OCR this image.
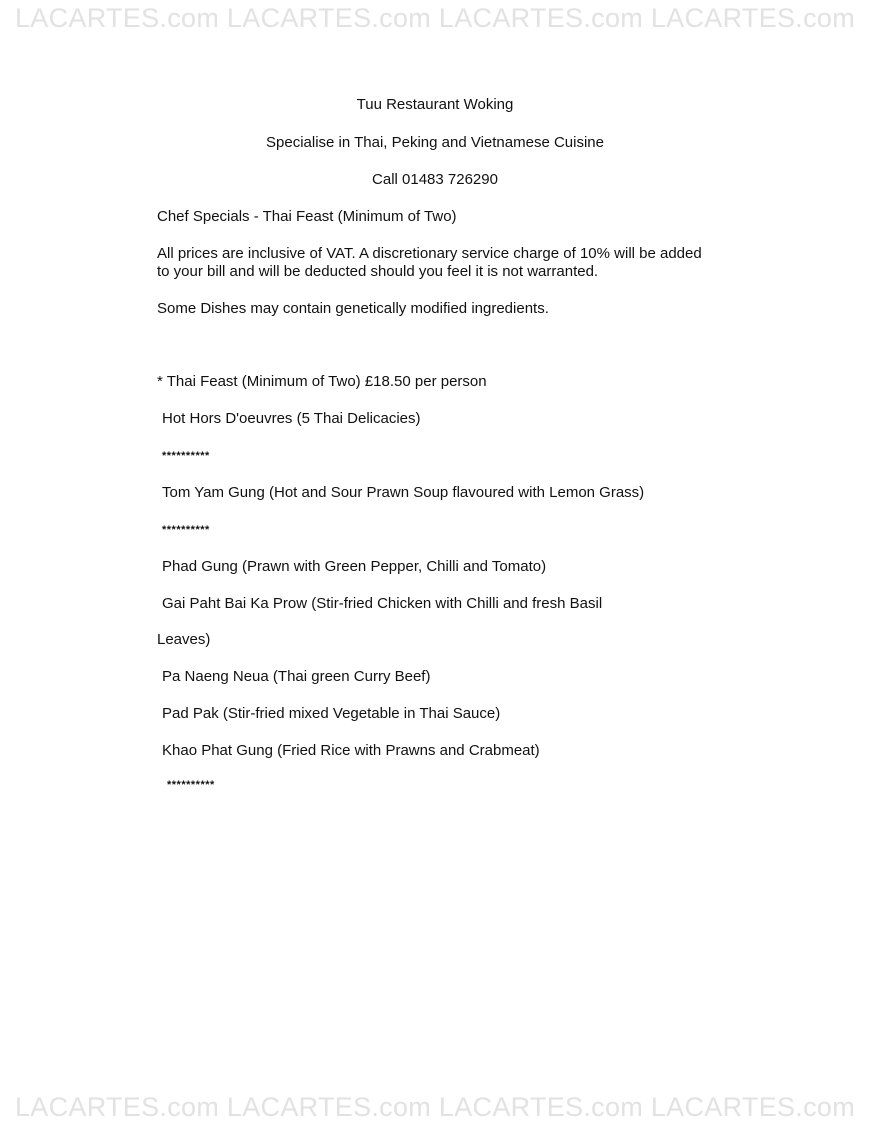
LACARTES.com LACARTES.com LACARTES.com LACARTES.com
Tuu Restaurant Woking
Specialise in Thai, Peking and Vietnamese Cuisine
Call 01483 726290
Chef Specials - Thai Feast (Minimum of Two)
All prices are inclusive of VAT. A discretionary service charge of 10% will be added to your bill and will be deducted should you feel it is not warranted.
Some Dishes may contain genetically modified ingredients.
* Thai Feast (Minimum of Two) £18.50 per person
Hot Hors D'oeuvres (5 Thai Delicacies)
**********
Tom Yam Gung (Hot and Sour Prawn Soup flavoured with Lemon Grass)
**********
Phad Gung (Prawn with Green Pepper, Chilli and Tomato)
Gai Paht Bai Ka Prow (Stir-fried Chicken with Chilli and fresh Basil
Leaves)
Pa Naeng Neua (Thai green Curry Beef)
Pad Pak (Stir-fried mixed Vegetable in Thai Sauce)
Khao Phat Gung (Fried Rice with Prawns and Crabmeat)
**********
LACARTES.com LACARTES.com LACARTES.com LACARTES.com
